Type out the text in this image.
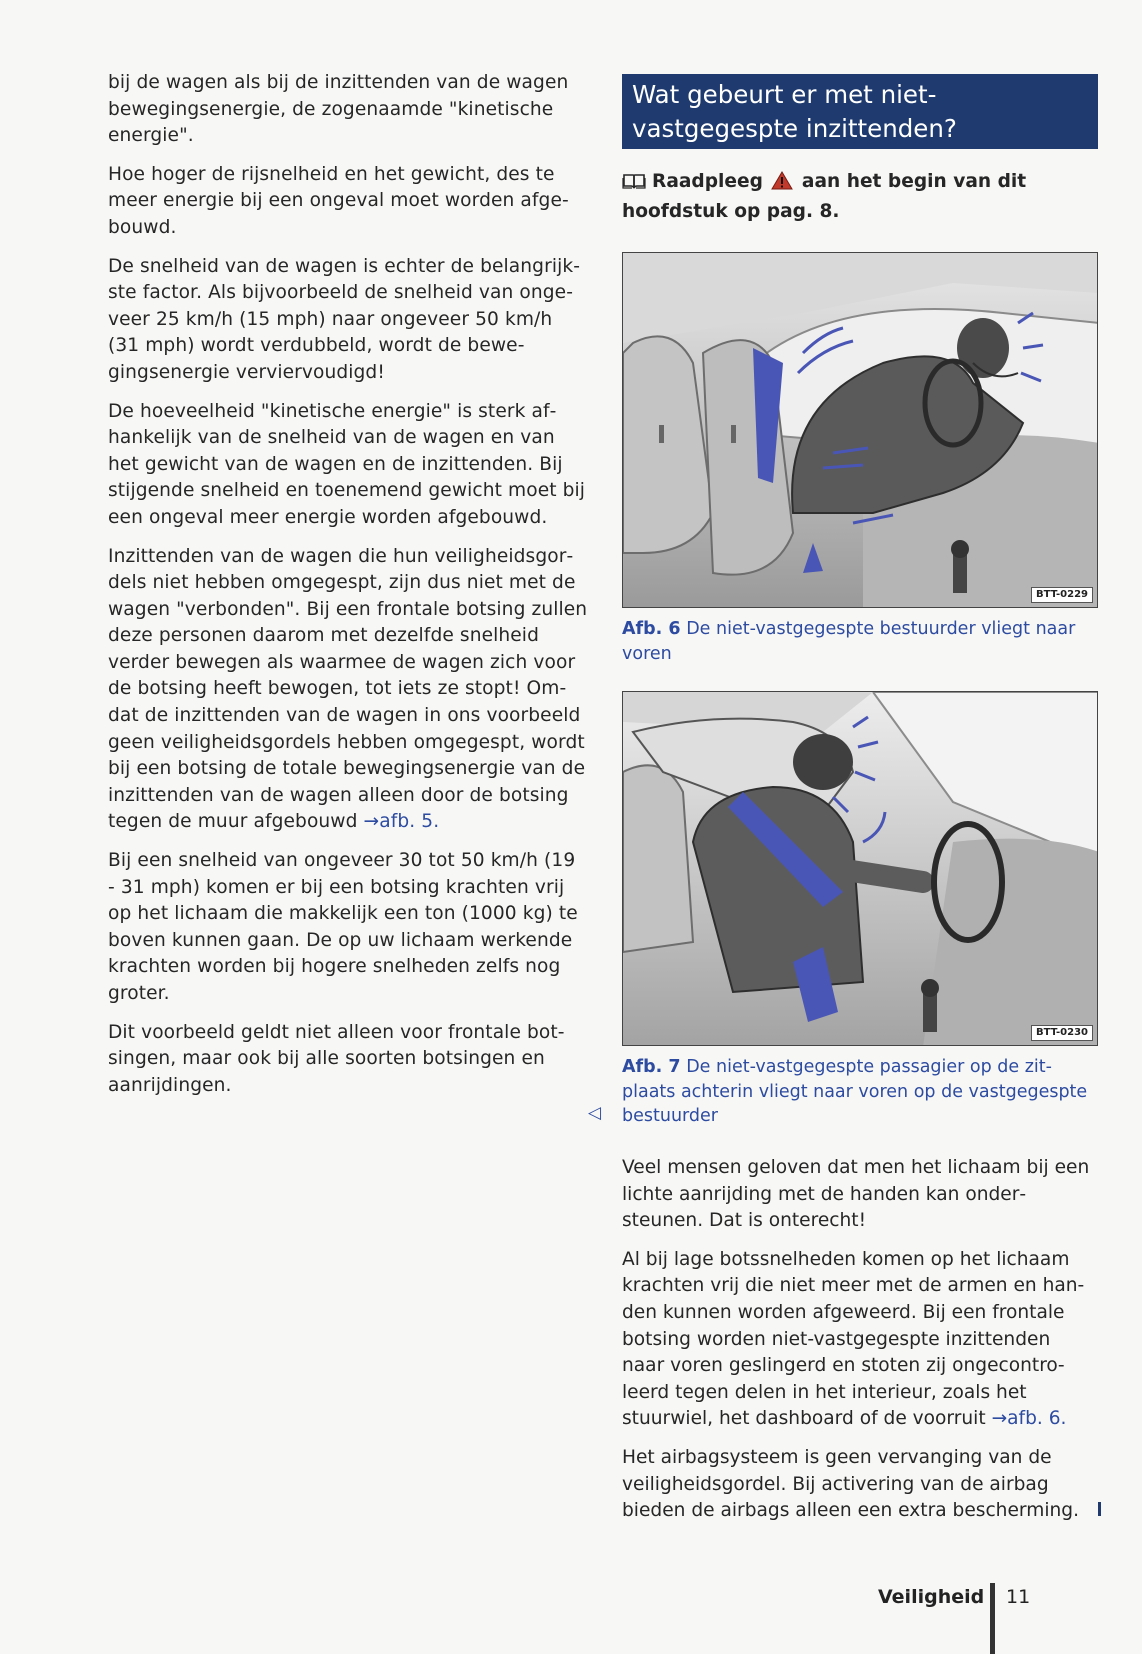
bij de wagen als bij de inzittenden van de wagen bewegingsenergie, de zogenaamde "kinetische energie".

Hoe hoger de rijsnelheid en het gewicht, des te meer energie bij een ongeval moet worden afgebouwd.

De snelheid van de wagen is echter de belangrijkste factor. Als bijvoorbeeld de snelheid van ongeveer 25 km/h (15 mph) naar ongeveer 50 km/h (31 mph) wordt verdubbeld, wordt de bewegingsenergie verviervoudigd!

De hoeveelheid "kinetische energie" is sterk afhankelijk van de snelheid van de wagen en van het gewicht van de wagen en de inzittenden. Bij stijgende snelheid en toenemend gewicht moet bij een ongeval meer energie worden afgebouwd.

Inzittenden van de wagen die hun veiligheidsgordels niet hebben omgegespt, zijn dus niet met de wagen "verbonden". Bij een frontale botsing zullen deze personen daarom met dezelfde snelheid verder bewegen als waarmee de wagen zich voor de botsing heeft bewogen, tot iets ze stopt! Omdat de inzittenden van de wagen in ons voorbeeld geen veiligheidsgordels hebben omgegespt, wordt bij een botsing de totale bewegingsenergie van de inzittenden van de wagen alleen door de botsing tegen de muur afgebouwd →afb. 5.

Bij een snelheid van ongeveer 30 tot 50 km/h (19 - 31 mph) komen er bij een botsing krachten vrij op het lichaam die makkelijk een ton (1000 kg) te boven kunnen gaan. De op uw lichaam werkende krachten worden bij hogere snelheden zelfs nog groter.

Dit voorbeeld geldt niet alleen voor frontale botsingen, maar ook bij alle soorten botsingen en aanrijdingen.

◁
Wat gebeurt er met niet-
vastgegespte inzittenden?
Raadpleeg aan het begin van dit hoofdstuk op pag. 8.
BTT-0229
Afb. 6 De niet-vastgegespte bestuurder vliegt naar voren
BTT-0230
Afb. 7 De niet-vastgegespte passagier op de zitplaats achterin vliegt naar voren op de vastgegespte bestuurder

Veel mensen geloven dat men het lichaam bij een lichte aanrijding met de handen kan ondersteunen. Dat is onterecht!

Al bij lage botssnelheden komen op het lichaam krachten vrij die niet meer met de armen en handen kunnen worden afgeweerd. Bij een frontale botsing worden niet-vastgegespte inzittenden naar voren geslingerd en stoten zij ongecontroleerd tegen delen in het interieur, zoals het stuurwiel, het dashboard of de voorruit →afb. 6.

Het airbagsysteem is geen vervanging van de veiligheidsgordel. Bij activering van de airbag bieden de airbags alleen een extra bescherming.

Veiligheid 11
